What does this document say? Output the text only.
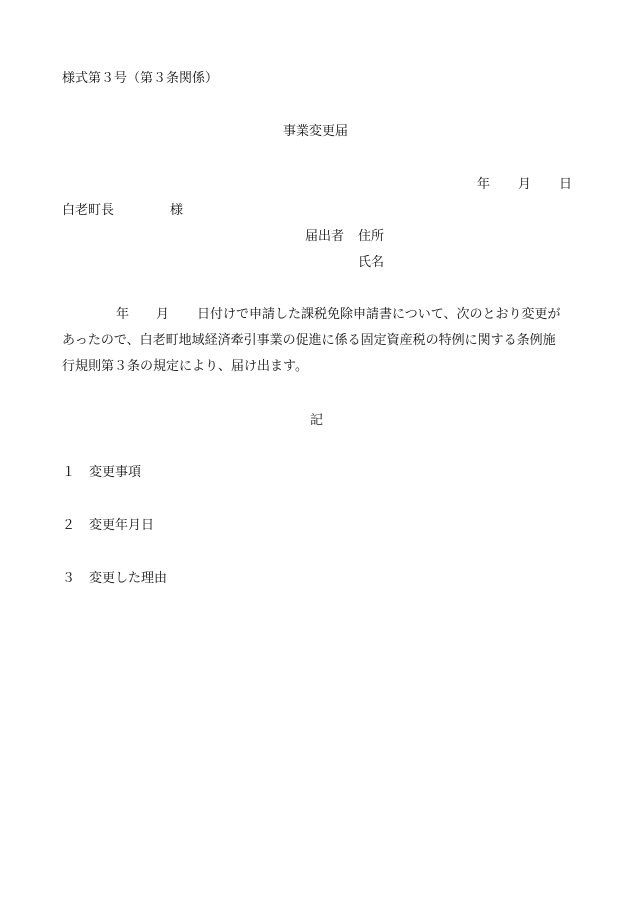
様式第３号（第３条関係）
事業変更届
年 月 日
白老町長	様
届出者 住所
氏名
年 月 日付けで申請した課税免除申請書について、次のとおり変更が
あったので、白老町地域経済牽引事業の促進に係る固定資産税の特例に関する条例施
行規則第３条の規定により、届け出ます。
記
１ 変更事項
２ 変更年月日
３ 変更した理由
